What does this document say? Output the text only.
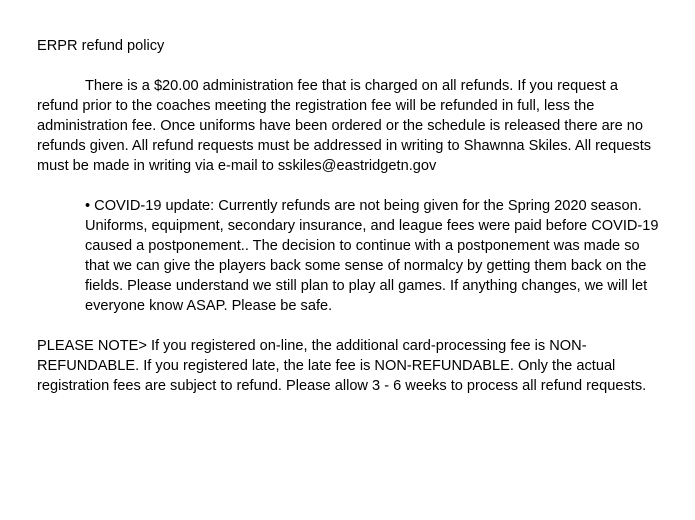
ERPR refund policy

There is a $20.00 administration fee that is charged on all refunds. If you request a refund prior to the coaches meeting the registration fee will be refunded in full, less the administration fee. Once uniforms have been ordered or the schedule is released there are no refunds given. All refund requests must be addressed in writing to Shawnna Skiles. All requests must be made in writing via e-mail to sskiles@eastridgetn.gov

• COVID-19 update: Currently refunds are not being given for the Spring 2020 season. Uniforms, equipment, secondary insurance, and league fees were paid before COVID-19 caused a postponement.. The decision to continue with a postponement was made so that we can give the players back some sense of normalcy by getting them back on the fields. Please understand we still plan to play all games. If anything changes, we will let everyone know ASAP. Please be safe.

PLEASE NOTE> If you registered on-line, the additional card-processing fee is NON-REFUNDABLE. If you registered late, the late fee is NON-REFUNDABLE. Only the actual registration fees are subject to refund. Please allow 3 - 6 weeks to process all refund requests.
